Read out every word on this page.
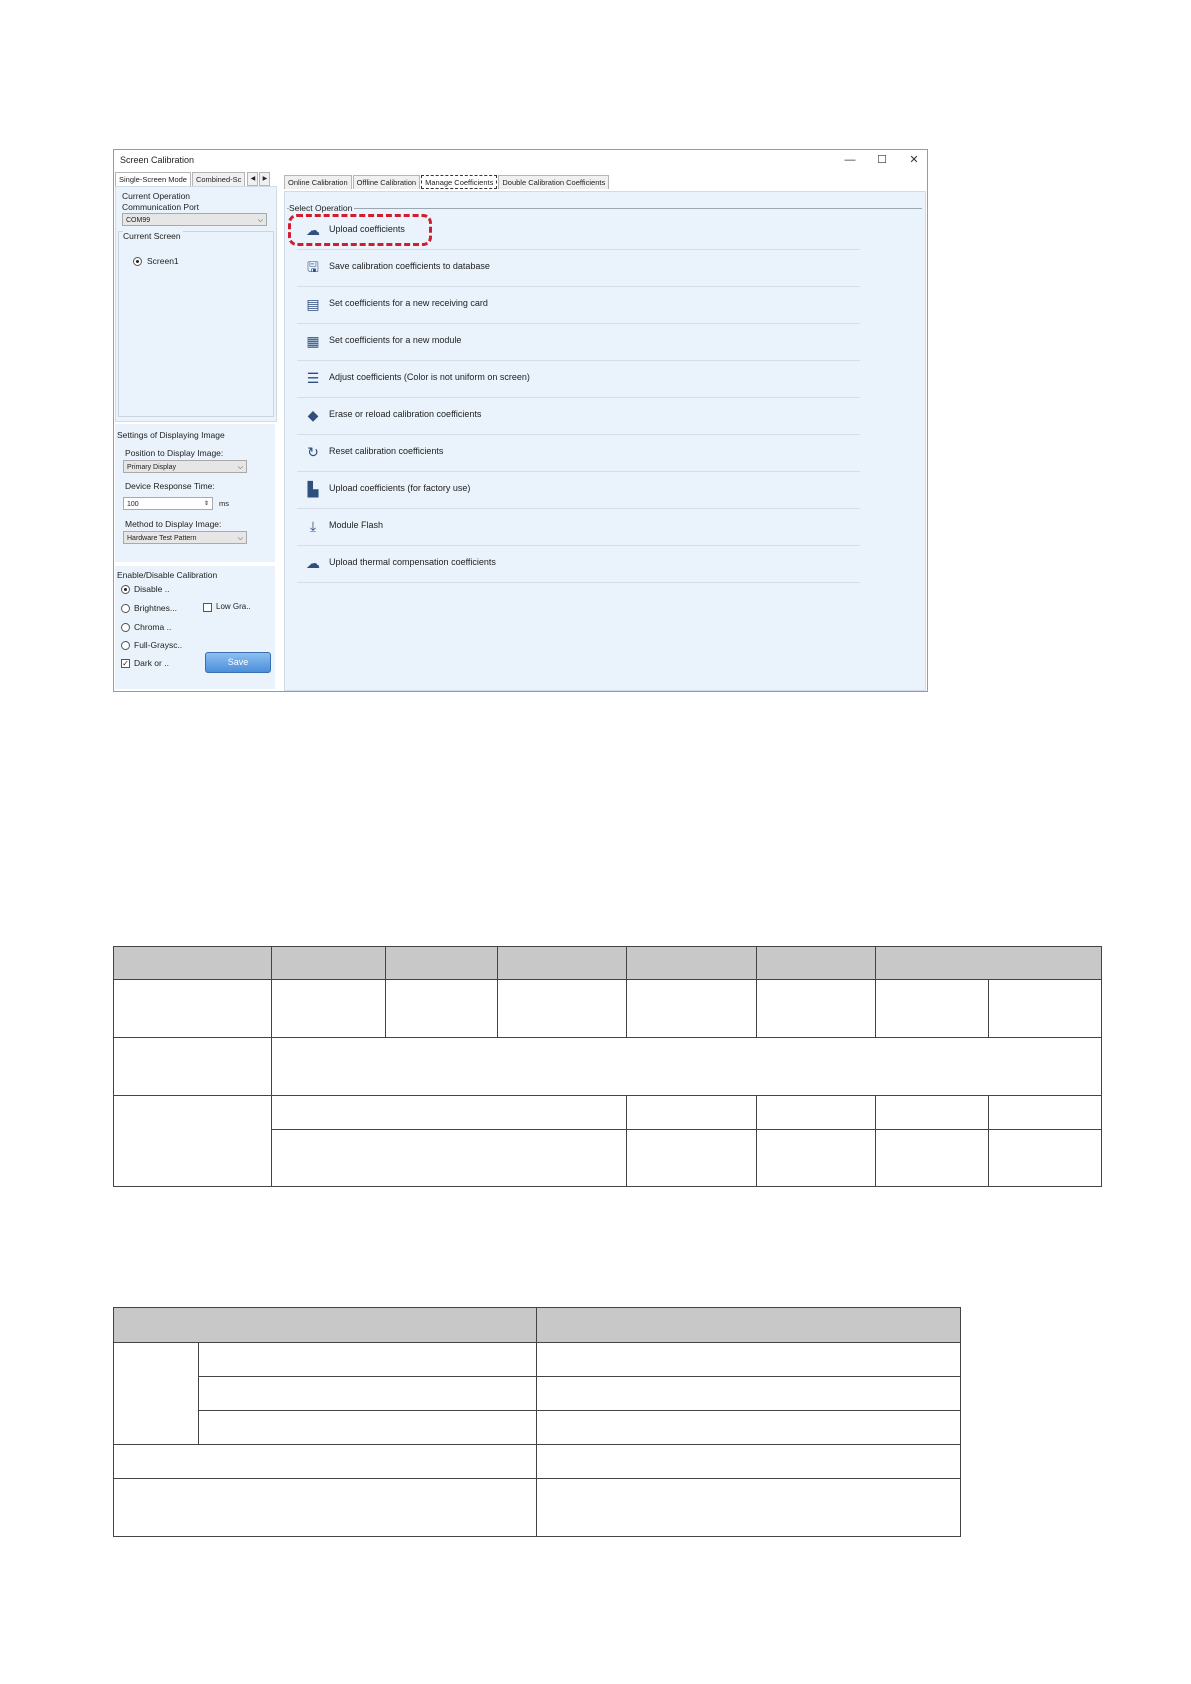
Screen Calibration	—	☐	✕
Single-Screen Mode	Combined-Sc	◀	▶
Current Operation
Communication Port
COM99	⌵
Current Screen
Screen1
Settings of Displaying Image
Position to Display Image:
Primary Display	⌵
Device Response Time:
100	⇕ ms
Method to Display Image:
Hardware Test Pattern	⌵
Enable/Disable Calibration
Disable ..
Brightnes...	Low Gra..
Chroma ..
Full-Graysc..
✓ Dark or ..	Save
Online Calibration	Offline Calibration	Manage Coefficients	Double Calibration Coefficients
Select Operation
☁ Upload coefficients
🖫 Save calibration coefficients to database
▤ Set coefficients for a new receiving card
▦ Set coefficients for a new module
☰ Adjust coefficients (Color is not uniform on screen)
◆ Erase or reload calibration coefficients
↻ Reset calibration coefficients
▙ Upload coefficients (for factory use)
⤓	Module Flash
☁ Upload thermal compensation coefficients
